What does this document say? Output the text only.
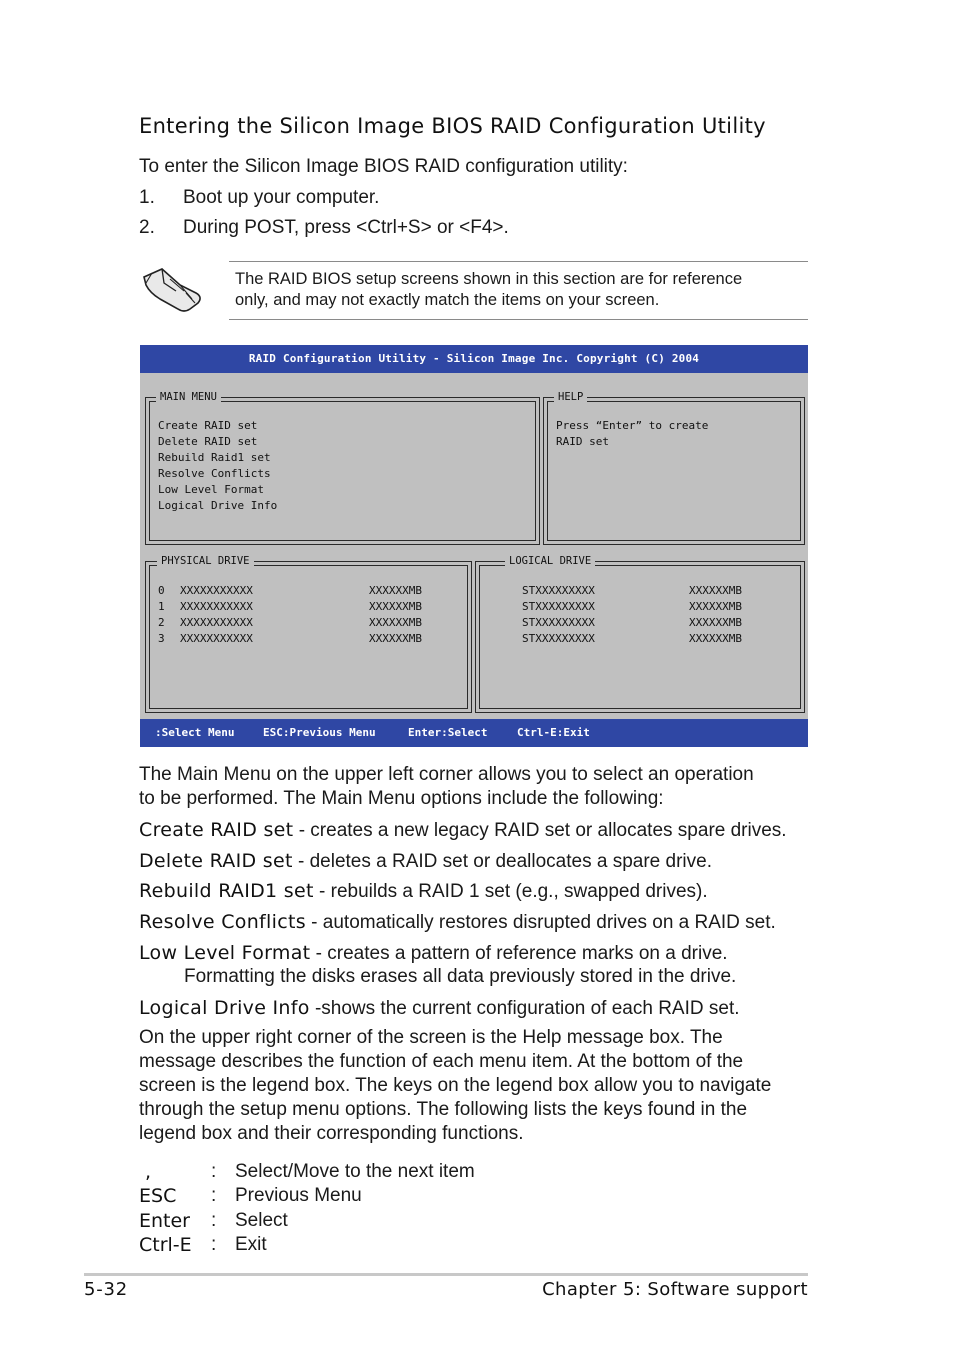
Entering the Silicon Image BIOS RAID Configuration Utility
To enter the Silicon Image BIOS RAID configuration utility:
1. Boot up your computer.
2. During POST, press <Ctrl+S> or <F4>.
The RAID BIOS setup screens shown in this section are for reference
only, and may not exactly match the items on your screen.
RAID Configuration Utility - Silicon Image Inc. Copyright (C) 2004
MAIN MENU
Create RAID set
Delete RAID set
Rebuild Raid1 set
Resolve Conflicts
Low Level Format
Logical Drive Info
HELP
Press “Enter” to create
RAID set
PHYSICAL DRIVE
0 XXXXXXXXXXX	XXXXXXMB
1 XXXXXXXXXXX	XXXXXXMB
2 XXXXXXXXXXX	XXXXXXMB
3 XXXXXXXXXXX	XXXXXXMB
LOGICAL DRIVE
STXXXXXXXXX	XXXXXXMB
STXXXXXXXXX	XXXXXXMB
STXXXXXXXXX	XXXXXXMB
STXXXXXXXXX	XXXXXXMB
:Select Menu	ESC:Previous Menu	Enter:Select	Ctrl-E:Exit
The Main Menu on the upper left corner allows you to select an operation
to be performed. The Main Menu options include the following:
Create RAID set - creates a new legacy RAID set or allocates spare drives.
Delete RAID set - deletes a RAID set or deallocates a spare drive.
Rebuild RAID1 set - rebuilds a RAID 1 set (e.g., swapped drives).
Resolve Conflicts - automatically restores disrupted drives on a RAID set.
Low Level Format - creates a pattern of reference marks on a drive.
Formatting the disks erases all data previously stored in the drive.
Logical Drive Info -shows the current configuration of each RAID set.
On the upper right corner of the screen is the Help message box. The
message describes the function of each menu item. At the bottom of the
screen is the legend box. The keys on the legend box allow you to navigate
through the setup menu options. The following lists the keys found in the
legend box and their corresponding functions.
,	: Select/Move to the next item
ESC	: Previous Menu
Enter	: Select
Ctrl-E	: Exit
5-32	Chapter 5: Software support
